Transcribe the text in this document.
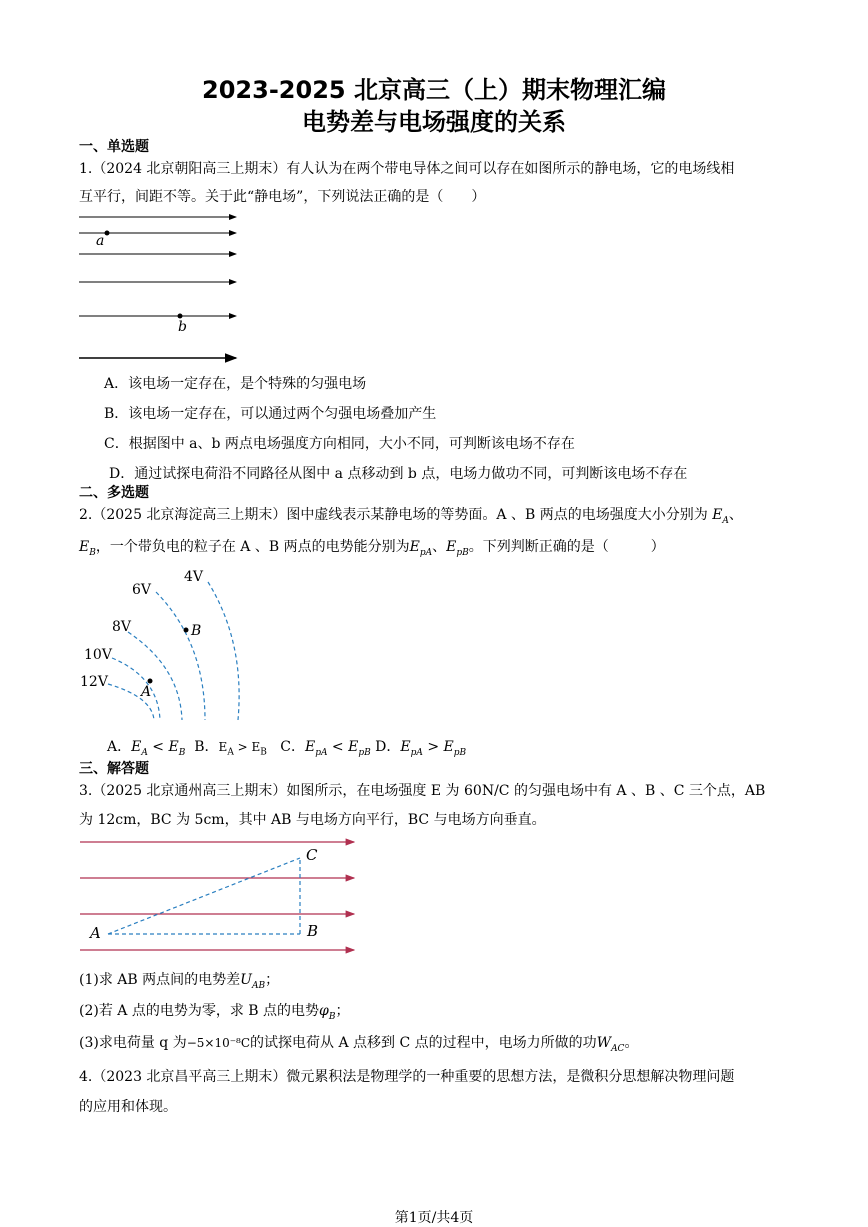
2023-2025 北京高三（上）期末物理汇编
电势差与电场强度的关系
一、单选题
1.（2024 北京朝阳高三上期末）有人认为在两个带电导体之间可以存在如图所示的静电场，它的电场线相
互平行，间距不等。关于此“静电场”，下列说法正确的是（　　）
a
b
A．该电场一定存在，是个特殊的匀强电场
B．该电场一定存在，可以通过两个匀强电场叠加产生
C．根据图中 a、b 两点电场强度方向相同，大小不同，可判断该电场不存在
D．通过试探电荷沿不同路径从图中 a 点移动到 b 点，电场力做功不同，可判断该电场不存在
二、多选题
2.（2025 北京海淀高三上期末）图中虚线表示某静电场的等势面。A 、B 两点的电场强度大小分别为 $E_A$、
$E_B$，一个带负电的粒子在 A 、B 两点的电势能分别为$E_{pA}$、$E_{pB}$。下列判断正确的是（　　　）
4V
6V
8V
10V
12V
B
A
A．$E_A < E_B$ B．$E_A > E_B$ C．$E_{pA} < E_{pB}$ D．$E_{pA} > E_{pB}$
三、解答题
3.（2025 北京通州高三上期末）如图所示，在电场强度 E 为 60N/C 的匀强电场中有 A 、B 、C 三个点，AB
为 12cm，BC 为 5cm，其中 AB 与电场方向平行，BC 与电场方向垂直。
A	B
C
(1)求 AB 两点间的电势差$U_{AB}$；
(2)若 A 点的电势为零，求 B 点的电势$\varphi_B$；
(3)求电荷量 q 为−5×10⁻⁸C的试探电荷从 A 点移到 C 点的过程中，电场力所做的功$W_{AC}$。
4.（2023 北京昌平高三上期末）微元累积法是物理学的一种重要的思想方法，是微积分思想解决物理问题
的应用和体现。
第1页/共4页
